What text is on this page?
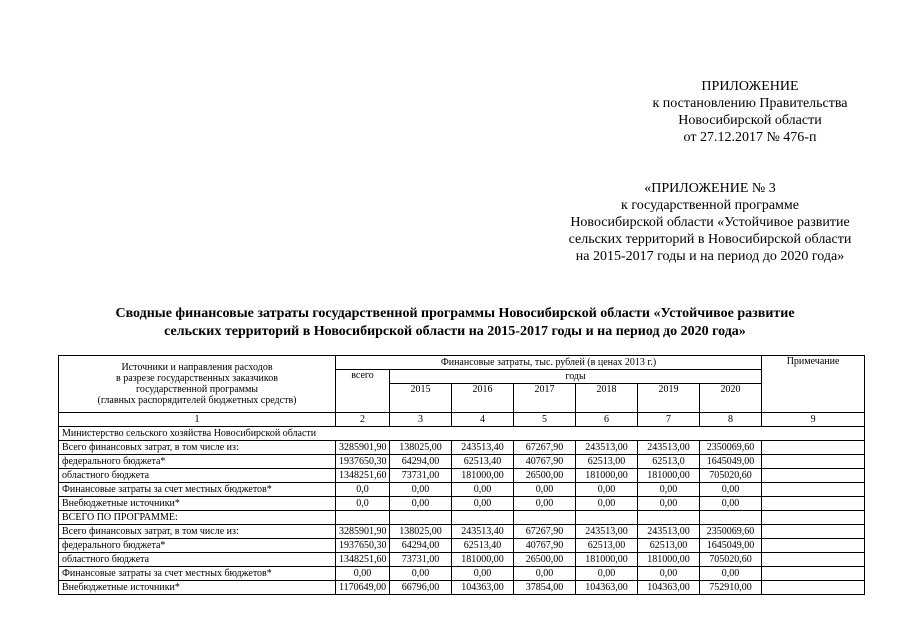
ПРИЛОЖЕНИЕ
к постановлению Правительства
Новосибирской области
от 27.12.2017 № 476-п
«ПРИЛОЖЕНИЕ № 3
к государственной программе
Новосибирской области «Устойчивое развитие
сельских территорий в Новосибирской области
на 2015-2017 годы и на период до 2020 года»
Сводные финансовые затраты государственной программы Новосибирской области «Устойчивое развитие
сельских территорий в Новосибирской области на 2015-2017 годы и на период до 2020 года»
Источники и направления расходов
в разрезе государственных заказчиков
государственной программы
(главных распорядителей бюджетных средств)	Финансовые затраты, тыс. рублей (в ценах 2013 г.)							Примечание
	всего	годы						
		2015	2016	2017	2018	2019	2020	
1	2	3	4	5	6	7	8	9
Министерство сельского хозяйства Новосибирской области								
Всего финансовых затрат, в том числе из:	3285901,90	138025,00	243513,40	67267,90	243513,00	243513,00	2350069,60	
федерального бюджета*	1937650,30	64294,00	62513,40	40767,90	62513,00	62513,0	1645049,00	
областного бюджета	1348251,60	73731,00	181000,00	26500,00	181000,00	181000,00	705020,60	
Финансовые затраты за счет местных бюджетов*	0,0	0,00	0,00	0,00	0,00	0,00	0,00	
Внебюджетные источники*	0,0	0,00	0,00	0,00	0,00	0,00	0,00	
ВСЕГО ПО ПРОГРАММЕ:								
Всего финансовых затрат, в том числе из:	3285901,90	138025,00	243513,40	67267,90	243513,00	243513,00	2350069,60	
федерального бюджета*	1937650,30	64294,00	62513,40	40767,90	62513,00	62513,00	1645049,00	
областного бюджета	1348251,60	73731,00	181000,00	26500,00	181000,00	181000,00	705020,60	
Финансовые затраты за счет местных бюджетов*	0,00	0,00	0,00	0,00	0,00	0,00	0,00	
Внебюджетные источники*	1170649,00	66796,00	104363,00	37854,00	104363,00	104363,00	752910,00	
